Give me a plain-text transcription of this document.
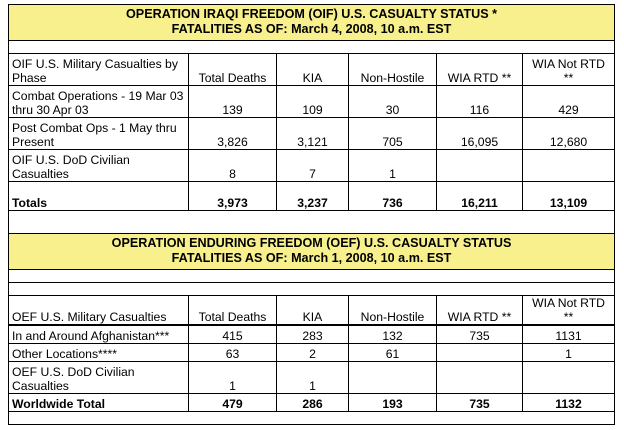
OPERATION IRAQI FREEDOM (OIF) U.S. CASUALTY STATUS *
FATALITIES AS OF: March 4, 2008, 10 a.m. EST					

OIF U.S. Military Casualties by Phase	Total Deaths	KIA	Non-Hostile	WIA RTD **	WIA Not RTD **
Combat Operations - 19 Mar 03 thru 30 Apr 03	139	109	30	116	429
Post Combat Ops - 1 May thru Present	3,826	3,121	705	16,095	12,680
OIF U.S. DoD Civilian Casualties	8	7	1		
Totals	3,973	3,237	736	16,211	13,109

OPERATION ENDURING FREEDOM (OEF) U.S. CASUALTY STATUS
FATALITIES AS OF: March 1, 2008, 10 a.m. EST					

OEF U.S. Military Casualties	Total Deaths	KIA	Non-Hostile	WIA RTD **	WIA Not RTD **
In and Around Afghanistan***	415	283	132	735	1131
Other Locations****	63	2	61		1
OEF U.S. DoD Civilian Casualties	1	1			
Worldwide Total	479	286	193	735	1132
